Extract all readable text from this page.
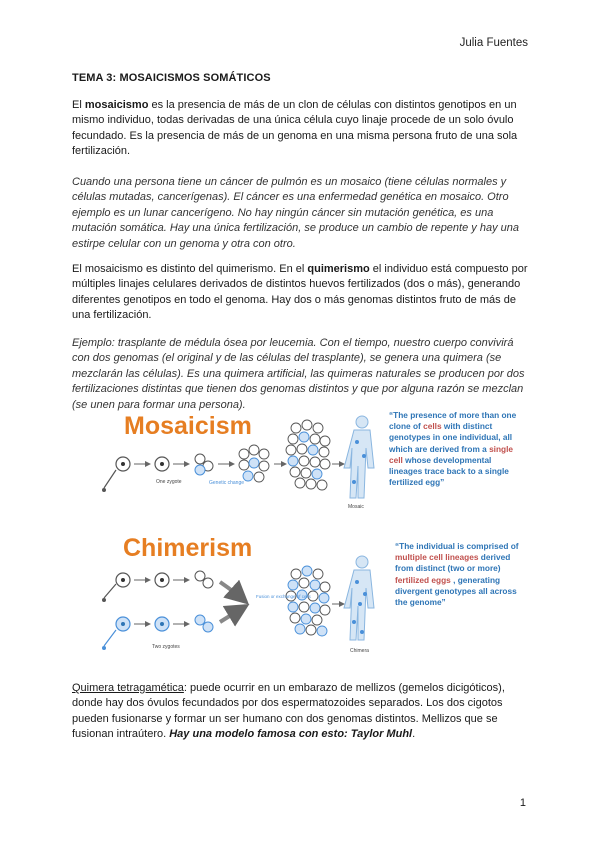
Julia Fuentes
TEMA 3: MOSAICISMOS SOMÁTICOS
El mosaicismo es la presencia de más de un clon de células con distintos genotipos en un mismo individuo, todas derivadas de una única célula cuyo linaje procede de un solo óvulo fecundado. Es la presencia de más de un genoma en una misma persona fruto de una sola fertilización.
Cuando una persona tiene un cáncer de pulmón es un mosaico (tiene células normales y células mutadas, cancerígenas). El cáncer es una enfermedad genética en mosaico. Otro ejemplo es un lunar cancerígeno. No hay ningún cáncer sin mutación genética, es una mutación somática. Hay una única fertilización, se produce un cambio de repente y hay una estirpe celular con un genoma y otra con otro.
El mosaicismo es distinto del quimerismo. En el quimerismo el individuo está compuesto por múltiples linajes celulares derivados de distintos huevos fertilizados (dos o más), generando diferentes genotipos en todo el genoma. Hay dos o más genomas distintos fruto de más de una fertilización.
Ejemplo: trasplante de médula ósea por leucemia. Con el tiempo, nuestro cuerpo convivirá con dos genomas (el original y de las células del trasplante), se genera una quimera (se mezclarán las células). Es una quimera artificial, las quimeras naturales se producen por dos fertilizaciones distintas que tienen dos genomas distintos y que por alguna razón se mezclan (se unen para formar una persona).
Mosaicism
Chimerism
One zygote	Genetic change
Mosaic
Two zygotes
Fusion or exchange of cells
Chimera
“The presence of more than one clone of cells with distinct genotypes in one individual, all which are derived from a single cell whose developmental lineages trace back to a single fertilized egg”
“The individual is comprised of multiple cell lineages derived from distinct (two or more) fertilized eggs , generating divergent genotypes all across the genome”
Quimera tetragamética: puede ocurrir en un embarazo de mellizos (gemelos dicigóticos), donde hay dos óvulos fecundados por dos espermatozoides separados. Los dos cigotos pueden fusionarse y formar un ser humano con dos genomas distintos. Mellizos que se fusionan intraútero. Hay una modelo famosa con esto: Taylor Muhl.
1
